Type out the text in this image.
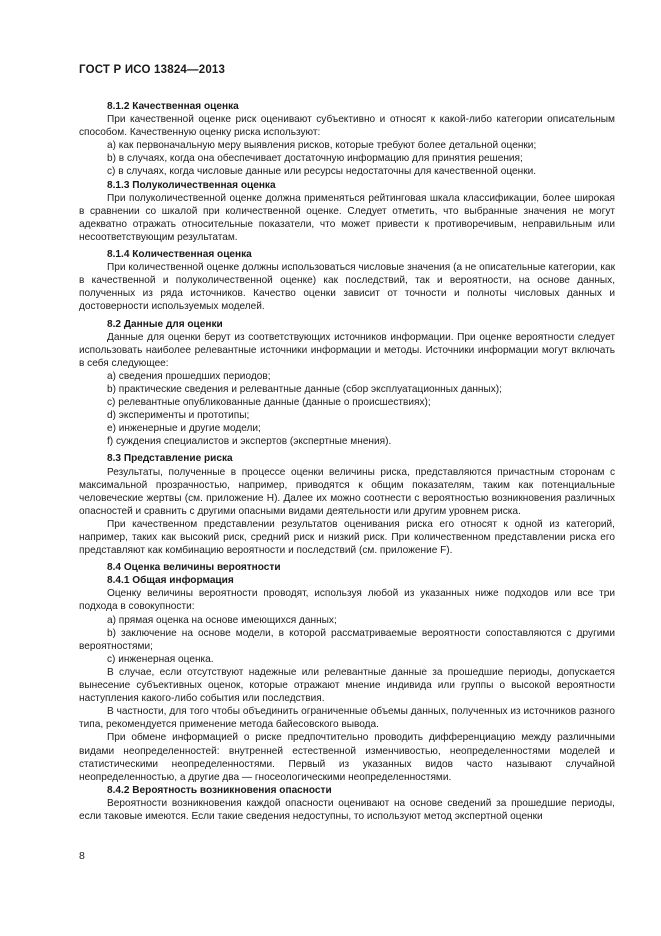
ГОСТ Р ИСО 13824—2013

8.1.2 Качественная оценка

При качественной оценке риск оценивают субъективно и относят к какой-либо категории описательным способом. Качественную оценку риска используют:

a) как первоначальную меру выявления рисков, которые требуют более детальной оценки;

b) в случаях, когда она обеспечивает достаточную информацию для принятия решения;

c) в случаях, когда числовые данные или ресурсы недостаточны для качественной оценки.

8.1.3 Полуколичественная оценка

При полуколичественной оценке должна применяться рейтинговая шкала классификации, более широкая в сравнении со шкалой при количественной оценке. Следует отметить, что выбранные значения не могут адекватно отражать относительные показатели, что может привести к противоречивым, неправильным или несоответствующим результатам.

8.1.4 Количественная оценка

При количественной оценке должны использоваться числовые значения (а не описательные категории, как в качественной и полуколичественной оценке) как последствий, так и вероятности, на основе данных, полученных из ряда источников. Качество оценки зависит от точности и полноты числовых данных и достоверности используемых моделей.

8.2 Данные для оценки

Данные для оценки берут из соответствующих источников информации. При оценке вероятности следует использовать наиболее релевантные источники информации и методы. Источники информации могут включать в себя следующее:

a) сведения прошедших периодов;

b) практические сведения и релевантные данные (сбор эксплуатационных данных);

c) релевантные опубликованные данные (данные о происшествиях);

d) эксперименты и прототипы;

e) инженерные и другие модели;

f) суждения специалистов и экспертов (экспертные мнения).

8.3 Представление риска

Результаты, полученные в процессе оценки величины риска, представляются причастным сторонам с максимальной прозрачностью, например, приводятся к общим показателям, таким как потенциальные человеческие жертвы (см. приложение Н). Далее их можно соотнести с вероятностью возникновения различных опасностей и сравнить с другими опасными видами деятельности или другим уровнем риска.

При качественном представлении результатов оценивания риска его относят к одной из категорий, например, таких как высокий риск, средний риск и низкий риск. При количественном представлении риска его представляют как комбинацию вероятности и последствий (см. приложение F).

8.4 Оценка величины вероятности

8.4.1 Общая информация

Оценку величины вероятности проводят, используя любой из указанных ниже подходов или все три подхода в совокупности:

a) прямая оценка на основе имеющихся данных;

b) заключение на основе модели, в которой рассматриваемые вероятности сопоставляются с другими вероятностями;

c) инженерная оценка.

В случае, если отсутствуют надежные или релевантные данные за прошедшие периоды, допускается вынесение субъективных оценок, которые отражают мнение индивида или группы о высокой вероятности наступления какого-либо события или последствия.

В частности, для того чтобы объединить ограниченные объемы данных, полученных из источников разного типа, рекомендуется применение метода байесовского вывода.

При обмене информацией о риске предпочтительно проводить дифференциацию между различными видами неопределенностей: внутренней естественной изменчивостью, неопределенностями моделей и статистическими неопределенностями. Первый из указанных видов часто называют случайной неопределенностью, а другие два — гносеологическими неопределенностями.

8.4.2 Вероятность возникновения опасности

Вероятности возникновения каждой опасности оценивают на основе сведений за прошедшие периоды, если таковые имеются. Если такие сведения недоступны, то используют метод экспертной оценки

8
